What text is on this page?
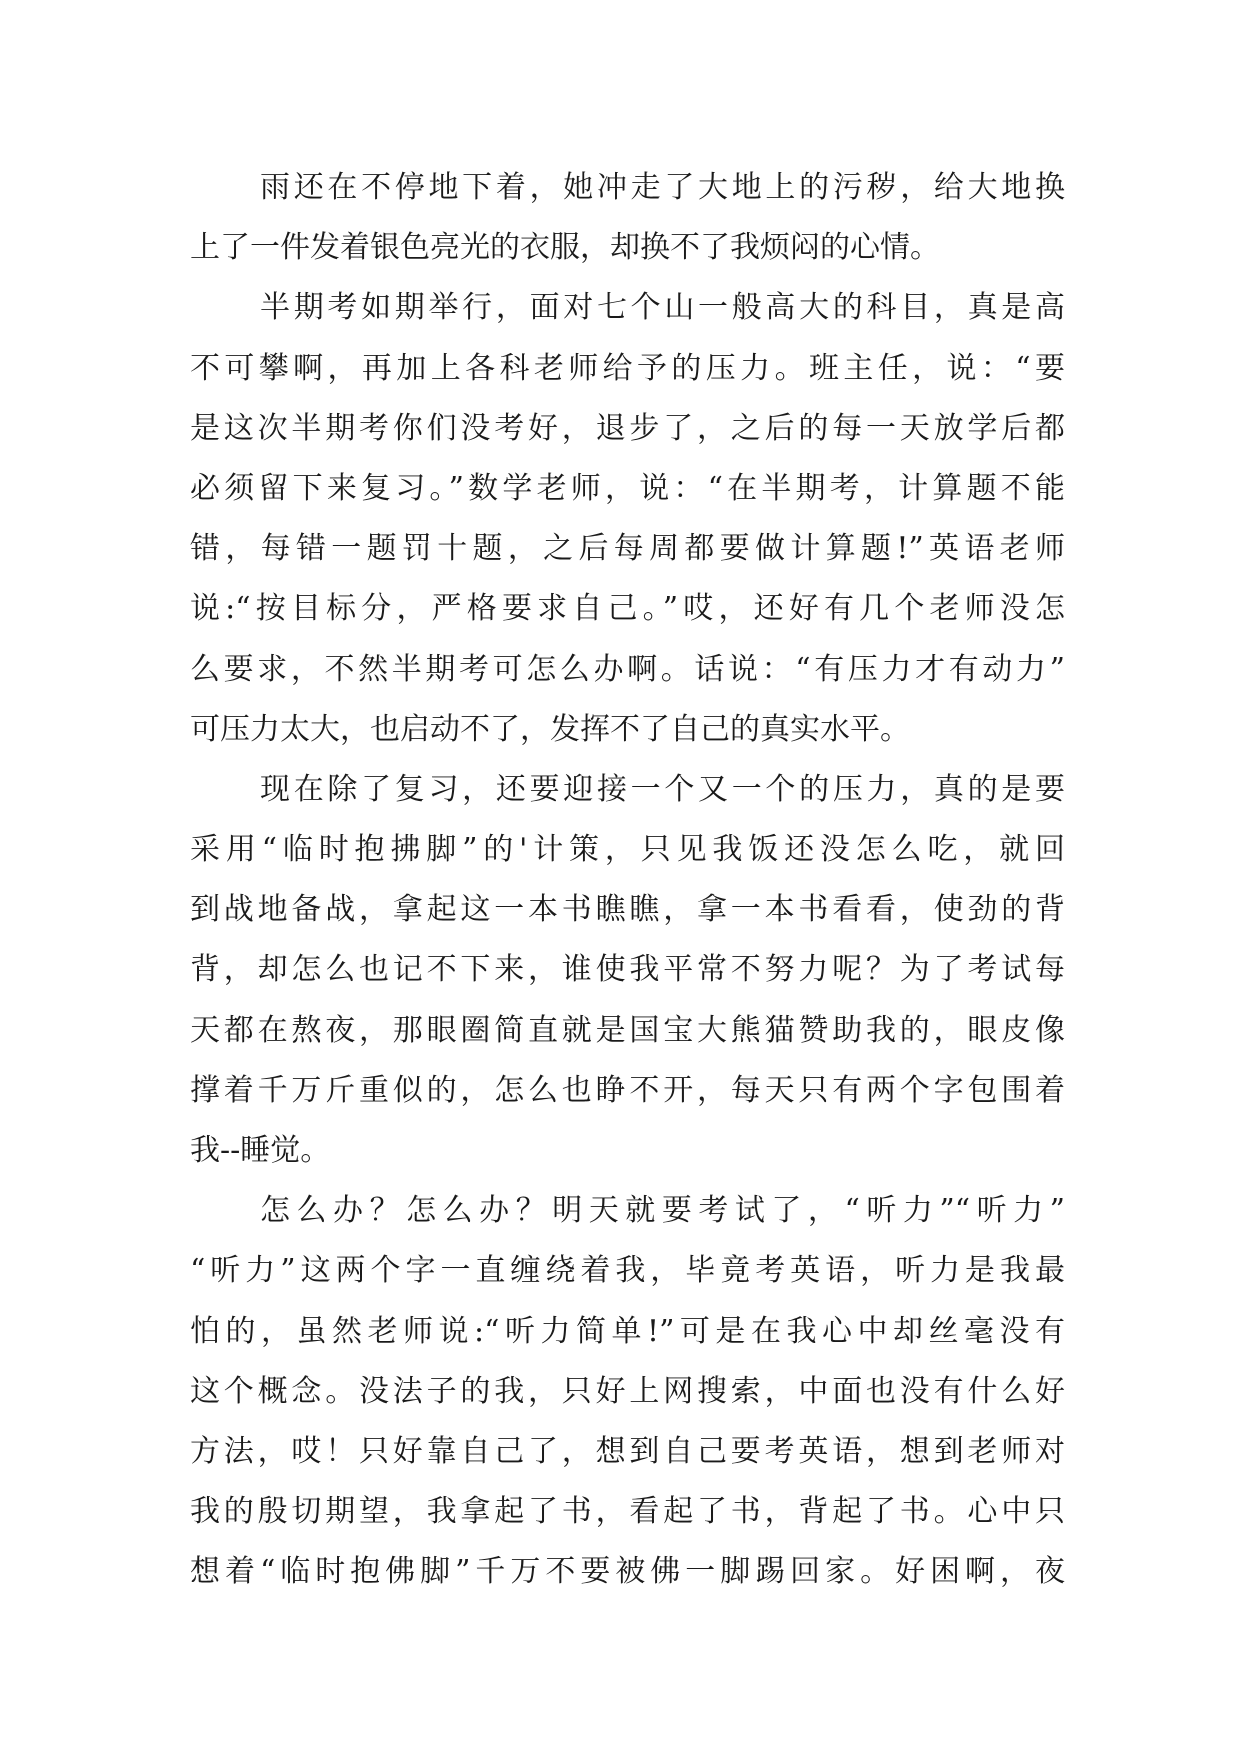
雨还在不停地下着，她冲走了大地上的污秽，给大地换
上了一件发着银色亮光的衣服，却换不了我烦闷的心情。
半期考如期举行，面对七个山一般高大的科目，真是高
不可攀啊，再加上各科老师给予的压力。班主任，说：“要
是这次半期考你们没考好，退步了，之后的每一天放学后都
必须留下来复习。”数学老师，说：“在半期考，计算题不能
错，每错一题罚十题，之后每周都要做计算题!”英语老师
说:“按目标分，严格要求自己。”哎，还好有几个老师没怎
么要求，不然半期考可怎么办啊。话说：“有压力才有动力”
可压力太大，也启动不了，发挥不了自己的真实水平。
现在除了复习，还要迎接一个又一个的压力，真的是要
采用“临时抱拂脚”的'计策，只见我饭还没怎么吃，就回
到战地备战，拿起这一本书瞧瞧，拿一本书看看，使劲的背
背，却怎么也记不下来，谁使我平常不努力呢？为了考试每
天都在熬夜，那眼圈简直就是国宝大熊猫赞助我的，眼皮像
撑着千万斤重似的，怎么也睁不开，每天只有两个字包围着
我--睡觉。
怎么办？怎么办？明天就要考试了，“听力”“听力”
“听力”这两个字一直缠绕着我，毕竟考英语，听力是我最
怕的，虽然老师说:“听力简单!”可是在我心中却丝毫没有
这个概念。没法子的我，只好上网搜索，中面也没有什么好
方法，哎！只好靠自己了，想到自己要考英语，想到老师对
我的殷切期望，我拿起了书，看起了书，背起了书。心中只
想着“临时抱佛脚”千万不要被佛一脚踢回家。好困啊，夜
